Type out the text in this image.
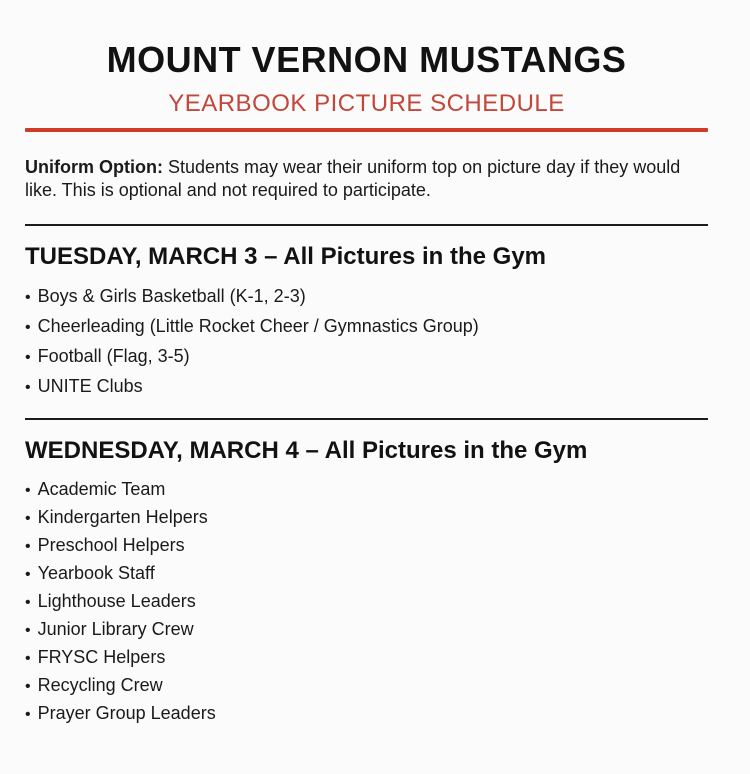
MOUNT VERNON MUSTANGS
YEARBOOK PICTURE SCHEDULE

Uniform Option: Students may wear their uniform top on picture day if they would like. This is optional and not required to participate.

TUESDAY, MARCH 3 – All Pictures in the Gym
• Boys & Girls Basketball (K-1, 2-3)
• Cheerleading (Little Rocket Cheer / Gymnastics Group)
• Football (Flag, 3-5)
• UNITE Clubs
WEDNESDAY, MARCH 4 – All Pictures in the Gym
• Academic Team
• Kindergarten Helpers
• Preschool Helpers
• Yearbook Staff
• Lighthouse Leaders
• Junior Library Crew
• FRYSC Helpers
• Recycling Crew
• Prayer Group Leaders
